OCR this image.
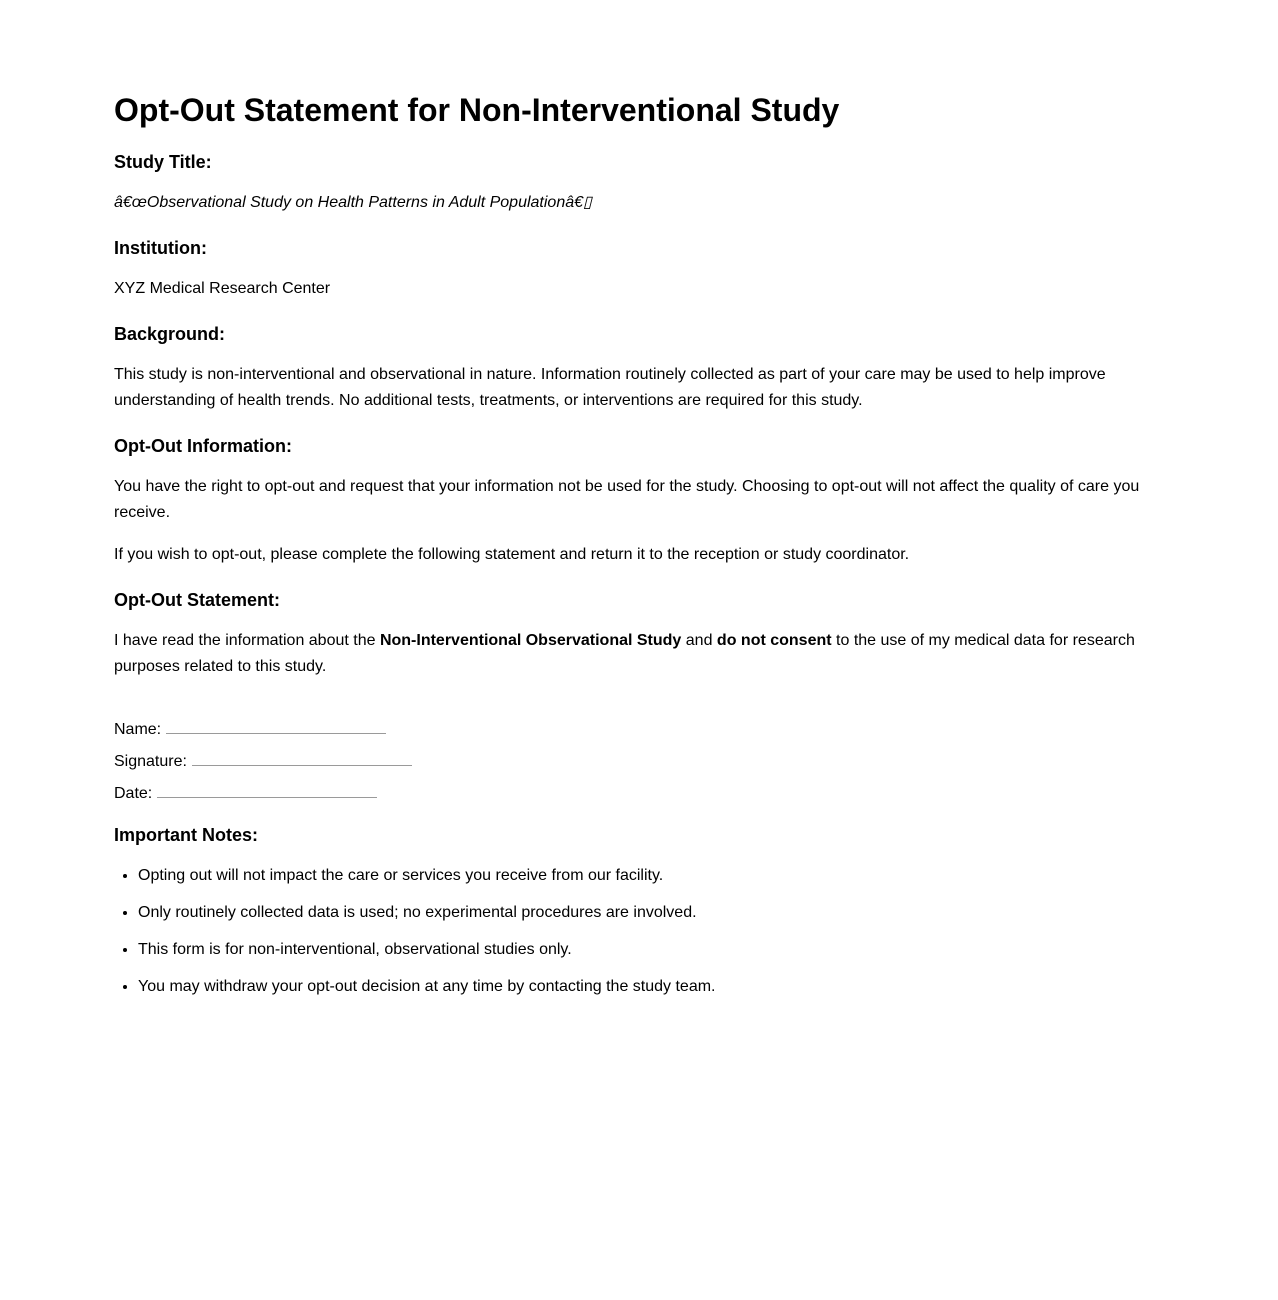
Opt-Out Statement for Non-Interventional Study
Study Title:

â€œObservational Study on Health Patterns in Adult Populationâ€▯

Institution:

XYZ Medical Research Center

Background:

This study is non-interventional and observational in nature. Information routinely collected as part of your care may be used to help improve understanding of health trends. No additional tests, treatments, or interventions are required for this study.

Opt-Out Information:

You have the right to opt-out and request that your information not be used for the study. Choosing to opt-out will not affect the quality of care you receive.

If you wish to opt-out, please complete the following statement and return it to the reception or study coordinator.

Opt-Out Statement:

I have read the information about the Non-Interventional Observational Study and do not consent to the use of my medical data for research purposes related to this study.

Name:
Signature:
Date:
Important Notes:
• Opting out will not impact the care or services you receive from our facility.
• Only routinely collected data is used; no experimental procedures are involved.
• This form is for non-interventional, observational studies only.
• You may withdraw your opt-out decision at any time by contacting the study team.
